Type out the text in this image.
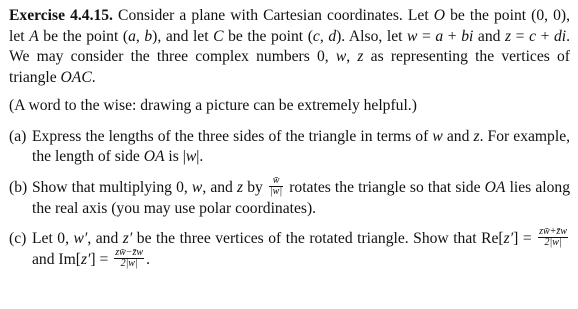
Exercise 4.4.15. Consider a plane with Cartesian coordinates. Let O be the point (0, 0), let A be the point (a, b), and let C be the point (c, d). Also, let w = a + bi and z = c + di. We may consider the three complex numbers 0, w, z as representing the vertices of triangle OAC.

(A word to the wise: drawing a picture can be extremely helpful.)

(a) Express the lengths of the three sides of the triangle in terms of w and z. For example, the length of side OA is |w|.
(b) Show that multiplying 0, w, and z by $\frac{w̄}{|w|}$ rotates the triangle so that side OA lies along the real axis (you may use polar coordinates).
(c) Let 0, w′, and z′ be the three vertices of the rotated triangle. Show that $Re[z'] = \frac{zw̄+z̄w}{2|w|}$
and $Im[z'] = \frac{zw̄-z̄w}{2|w|}$ .
